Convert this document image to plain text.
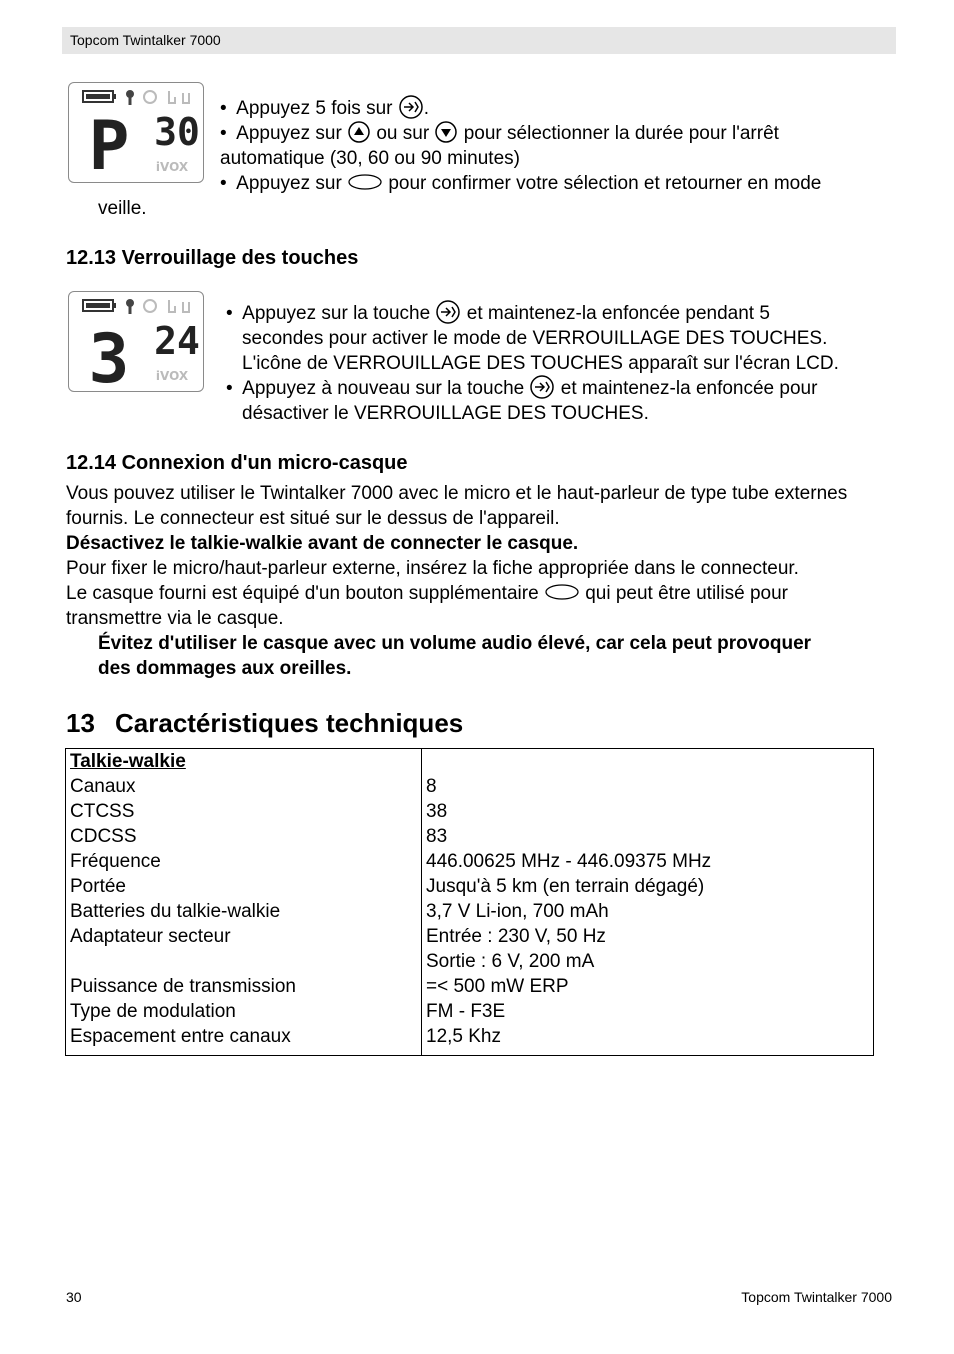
Topcom Twintalker 7000
P 30
iVOX
•  Appuyez 5 fois sur .
•  Appuyez sur ou sur pour sélectionner la durée pour l'arrêt
automatique (30, 60 ou 90 minutes)
•  Appuyez sur pour confirmer votre sélection et retourner en mode
veille.
12.13 Verrouillage des touches
3 24
iVOX
•  Appuyez sur la touche et maintenez-la enfoncée pendant 5
secondes pour activer le mode de VERROUILLAGE DES TOUCHES.
L'icône de VERROUILLAGE DES TOUCHES apparaît sur l'écran LCD.
•  Appuyez à nouveau sur la touche et maintenez-la enfoncée pour
désactiver le VERROUILLAGE DES TOUCHES.
12.14 Connexion d'un micro-casque
Vous pouvez utiliser le Twintalker 7000 avec le micro et le haut-parleur de type tube externes
fournis. Le connecteur est situé sur le dessus de l'appareil.
Désactivez le talkie-walkie avant de connecter le casque.
Pour fixer le micro/haut-parleur externe, insérez la fiche appropriée dans le connecteur.
Le casque fourni est équipé d'un bouton supplémentaire qui peut être utilisé pour
transmettre via le casque.
Évitez d'utiliser le casque avec un volume audio élevé, car cela peut provoquer
des dommages aux oreilles.
13 Caractéristiques techniques
Talkie-walkie	
Canaux	8
CTCSS	38
CDCSS	83
Fréquence	446.00625 MHz - 446.09375 MHz
Portée	Jusqu'à 5 km (en terrain dégagé)
Batteries du talkie-walkie	3,7 V Li-ion, 700 mAh
Adaptateur secteur	Entrée : 230 V, 50 Hz
	Sortie : 6 V, 200 mA
Puissance de transmission	=< 500 mW ERP
Type de modulation	FM - F3E
Espacement entre canaux	12,5 Khz
30	Topcom Twintalker 7000
